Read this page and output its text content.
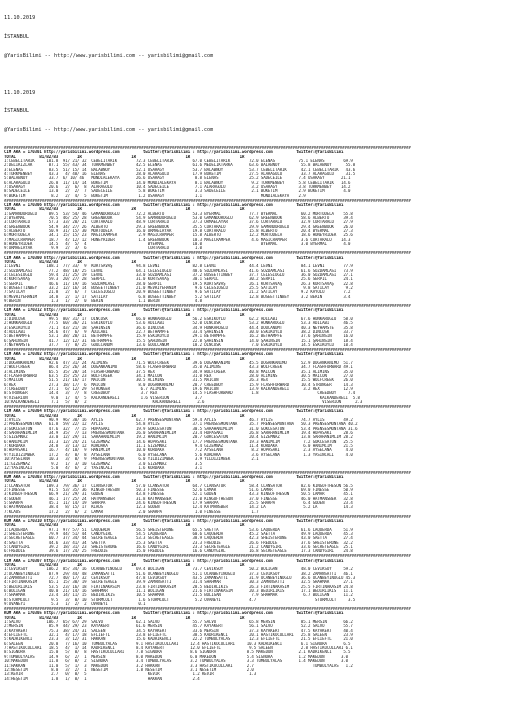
11.10.2019

İSTANBUL

@YarisBilimi -- http://www.yarisbilimi.com -- yarisbilimi@gmail.com

11.10.2019

İSTANBUL

@YarisBilimi -- http://www.yarisbilimi.com -- yarisbilimi@gmail.com

############################################################################################################################################################################
CIM ARA = 170301 http://yarisbilimi.wordpress.com          twitter:@YarisBilimi : http://yarisbilimi.wordpress.com          twitter:@YarisBilimi
TOTAL          B1/B2/B3        1R                     1R                     1R                     1R
1:CEBELITARIK     101.8  91/ 21/ 32  CEBELITARIK        72.3 CEBELITARIK        67.0 CEBELITARIK        72.0 ELENAS          75.1 ELENAS        69.9
2:DELIKIZLAR       87.1  55/ 43/ 34  TURKMENBEY         42.5 ELENAS             61.6 MEDELIKTARKA       63.6 BALABNOY         55.8 BALABNOY      55.8
3:ELENAS           83.5  51/ 15/ 14  BALABNOY           52.1 USARAGY            53.7 BALABNOY           53.7 CEBELITARIK      42.1 CEBELITARIK   43.6
4:TURKMENBEY       43.3   4/ 48/ 16  ELENAS             28.0 ALARAGULU          17.9 BUKETIM            27.5 ALARAGULU        33.7 ALARAGULU     31.5
5:BALABNOY         33.7  6/ 10/ 46   MONDIALEKAYA       26.6 USARAGY             8.8 ELENAS             25.2 SADECEILE       7.4 USARAGY       21.1
6:ALARAGULU        26.8  11/ 14/ 14  BUKETIM            14.0 MONDIALEKAYA        8.1 BALABNOY            9.2 TURKMENBEY      5.8 CEBELITARIK   14.6
7:USARAGY          20.6   2/  6/  8  ALARAGULU          10.4 SADECEILE           7.1 ALARAGULU           3.2 USARAGY         3.8 TURKMENBEY    14.2
8:SADECEILE        13.0   2/  2/  7  SADECEILE           5.8 BUKETIM             3.3 SADECEILE           2.1 BUKETIM         2.9 BUKETIM        4.0
9:BUKETIM           8.2   2/  4/  5  BUKETIM             1.2 USARAGY             1.1                         MONDIALEKAYA    2.9
############################################################################################################################################################################
CIM ARA = 170306 http://yarisbilimi.wordpress.com          twitter:@YarisBilimi : http://yarisbilimi.wordpress.com          twitter:@YarisBilimi
TOTAL          B1/B2/B3        1R                     2R                     1R                     1R
1:GAMANDOROGLU     89.5  53/ 54/ 46  GAMANDOROGLU       72.2 ALBERTO            53.3 BYERMAL            77.7 BYERMAL          60.2 MORTODELA    55.8
2:BYERMAL          70.5  46/ 25/ 28  GREENBOOK          54.9 GAMANDOROGLU       53.0 GAMANDOROGLU       62.9 GREENBOOK        58.6 ALBERTO      39.4
3:CURTARALO        57.3  33/ 20/ 21  CURTARALO          48.9 CURTARALO          37.3 ORMAELAYAR         37.6 CURTARALO        32.9 CURTARALO    27.9
4:GREENBOOK        54.9  34/ 27/ 26  ALBERTO            29.3 GREENBOOK          35.5 CURTARALO          29.9 GAMANDOROGLU     29.4 GREENBOOK    26.0
5:ALBERTO          50.9  31/ 15/ 30  MORTODELA          16.0 ORMAELAYAR         19.8 CURTARALO          15.8 ALBERTO          20.4 BYERMAL      27.3
6:MORTODELA        34.1  15/ 15/ 23  MAGICRAMPER         2.9 MAGICRAMPER        15.8 ALBERTO            12.2 MORTODELA        18.6 HONEYRIDER   25.6
7:MAGICRAMPER      18.7   4/ 12/ 12  HONEYRIDER          1.4 GREENBOOK          10.3 MAGICRAMPER         4.6 MAGICRAMPER      3.6 CURTARALO    14.3
8:HONEYRIDER       14.5   4/  5/  4                          BYERMAL            10.0                         BYERMAL          3.0 BYERMAL       4.0
9:ORMAELAYAR        9.9   2/  3/  6                          CURTARALO           1.0
############################################################################################################################################################################
CIM ARA = 170300 http://yarisbilimi.wordpress.com          twitter:@YarisBilimi : http://yarisbilimi.wordpress.com          twitter:@YarisBilimi
TOTAL          B1/B2/B3        1R                     1R                     1R                     1R
1:LEVNI           108.1  77/ 33/  9  KURTSAVAŞ          94.8 LEVNI              82.8 LEVNI              44.4 LEVNI            84.1 LEVNI        77.9
2:SOZDAMLASI       77.2  48/ 18/ 25  LEVNI              64.1 CELESIOGLU         48.6 SOZDAMLASI         41.6 SOZDAMLASI       61.6 SOZDAMLASI   73.9
3:CELESIOGLU       59.4  21/ 25/ 19  LEVNI              33.0 SOZDAMLASI         37.2 BUSEETTINBEY       37.7 CELESIOGLU       36.0 SOZDAMLASI   27.1
4:KURTSAVAŞ        59.3  20/ 27/ 28  SERPIL             31.0 KURTSAVAŞ          30.1 SERPIL             30.2 SERPIL           25.6 SERPIL       24.1
5:SERPIL           46.6  11/ 19/ 16  SOZDAMLASI         28.0 SERPIL             19.5 KURTSAVAŞ          26.1 KURTSAVAŞ        26.3 KURTSAVAŞ    22.8
6:BUSEETTINBEY     33.2  12/ 16/ 14  BUSEETTINBEY       21.0 MEVRIYEHANIM        9.6 CELESIOGLU         25.5 SATILAY           9.8 SATILAY       9.2
7:SATILAY          21.8   2/  6/  7  CELESIOGLU         20.9 BUSEETTINBEY        9.6 SATILAY            21.2 SATILAY          9.2 KAYOLU        7.2
8:MEVRIYEHANIM     14.8   2/  1/ 17  SATILAY             6.8 BUSEETTINBEY        5.2 SATILAY            12.8 BUSEETTINBEY     3.2 BERIN         3.4
9:BERIN             1.3   1/  2/  0  BERIN               1.1 BERIN               4.8
############################################################################################################################################################################
CIM ARA = 170312 http://yarisbilimi.wordpress.com          twitter:@YarisBilimi : http://yarisbilimi.wordpress.com          twitter:@YarisBilimi
TOTAL          B1/B2/B3        1R                     1R                     1R                     1R
1:DINCOSK          99.5  80/ 31/ 17  DINCOSK            66.0 HUNKAROGLU         56.2 ESKIKOYLU          62.2 ADILABI          67.6 HUNKAROGLU   58.0
2:HUNKAROGLU       77.5  60/ 36/ 21  ESKIKOYLU          53.6 ADILABI            52.0 DINCOSK            53.2 HUNKAROGLU       53.3 ADILABI      46.5
3:ESKIKOYLU        71.1  43/ 21/ 18  ŞAHINSIN           36.6 DINCOSK            34.9 HUNKAROGLU         44.4 DOUCANUMT        40.3 NEYHAMSTE    35.8
4:ADILABI          54.6  47/  6/  9  ADILABI            22.7 BETHAMPFE          33.4 ŞAHINSIN           30.0 ESKIKOYLU        38.2 DINCOSK      33.7
5:BETHAMPFE        53.1  38/ 20/ 11  BETHAMPFE          15.9 ESKIKOYLU          29.1 BETHAMPFE          16.2 BETHAMPFE        37.6 ŞAHINSIN     16.0
6:ŞAHINSIN         41.7  12/ 12/ 31  BETHAMPFE          15.5 ŞAHINSIN           22.8 ŞAHINSIN           14.0 ŞAHINSIN         15.1 ŞAHINSIN     18.4
7:NEYHAMSTE        37.7   7/  8/ 25  GOULCANUM          13.6 GOULCANUM          18.2 DINCOSK             7.0 ESKIKOYLU        14.5 ESKIKOYLU    10.4
############################################################################################################################################################################
CIM ARA = 170302 http://yarisbilimi.wordpress.com          twitter:@YarisBilimi : http://yarisbilimi.wordpress.com          twitter:@YarisBilimi
TOTAL          B1/B2/B3        1R                     1R                     1R                     1R
1:DOGANKANIMU      92.6  47/ 31/ 24  ALIMINS            71.5 WOLFCREEK          39.6 DOGANKANIMU        45.5 DOGANKANIMU      52.9 DOGANKANIMU  51.7
2:WOLFCREEK        86.4  25/ 26/ 34  DOGANKANIMU        58.6 FLASHFORWARD       35.0 ALIMINS            43.3 WOLFCREEK        34.7 FLASHFORWARD 49.1
3:ALIMINS          65.5  35/ 28/ 14  FLASHFORWARD       37.5 REX                34.9 WOLFCREEK          40.8 MAICON           35.1 ALIMINS      35.0
4:FLASHFORWARD     63.5  15/ 25/ 23  WOLFCREEK          34.1 MAICON             31.0 REX                28.0 ALIMINS          30.5 MAICON       27.0
5:MAICON           51.5  21/ 16/ 17  MAICON             30.5 ALIMINS            31.5 MAICON             26.3 REX              15.5 WOLFCREEK    26.0
6:REX              27.3  18/ 17/  6  MAICON              8.0 DOGANKANIMU        28.7 CREEDBOY           15.9 FLASHFORWARD     10.4 STRONGER     14.3
7:CREEDBOY         27.1   6/ 12/ 29  STRONGER             6.7 ALIMINS           19.6 MAICON             13.9 KALKANDERELI      3.2 REX          12.9
8:STRONGER         14.4   3/  7/  8  CREEDBOY             3.7 REX               14.5 FLASHFORWARD        1.8                         CREEDBOY     7.4
9:VISERION          9.0   1/  4/  5  KALKANDERELI         1.6 VISERION           3.7                                                  KALKANDERELI  5.8
10:KALKANDERELI     7.1   5/  0/  2                            KALKANDERELI       2.6                                                  VISERION      2.3
############################################################################################################################################################################
CIM ARA = 170304 http://yarisbilimi.wordpress.com          twitter:@YarisBilimi : http://yarisbilimi.wordpress.com          twitter:@YarisBilimi
TOTAL          B1/B2/B3        1R                     1R                     1R                     1R
1:AYLIS            90.9  96/ 30/ 16  AYLIS              62.7 PRENSESMONTANA     59.4 AYLIS              46.7 AYLIS            74.7 AYLIS        49.2
2:PRENSESMONTANA   61.8  59/ 22/ 12  AYLIS              54.8 AYLIS              37.1 PRENSESMONTANA     35.7 PRENSESMONTANA   50.3 PRENSESMONTANA 40.2
3:GOKCESATUN       47.6  32/  7/ 15  HOPASAKI           19.9 GOKCESATUN         30.5 SARAHANIMLIM       31.0 GOKCESATUN       53.4 PRENSESMONTANA 31.6
4:SARAHANIMLIM     34.9  35/  7/ 13  PRENSESMONTANA     26.0 SARAHANIMLIM       23.4 HOPASAKI           26.8 SARAHANIMLIM     19.4 HOPASAKI     28.6
5:GIZEMNAZ         33.0  12/ 29/ 11  SARAHANIMLIM       19.2 HANIMCIM           20.7 GOKCESATUN         20.4 GIZEMNAZ         13.8 SARAHANIMLIM 28.2
6:HANIMCIM         31.3  12/ 24/ 21  GIZEMNAZ           14.6 HOPASAKI           17.7 PRENSESMONTANA     19.3 HANIMCIM          7.2 GOKCESATUN   25.5
7:KORDAKA          24.8   3/ 13/ 12  KORDAKA            11.1 GIZEMNAZ            9.4 GIZEMNAZ           11.4 KORDAKA           6.0 HANIMCIM     21.5
8:HOPASAKI         16.7   4/ 18/  9  HANIMCIM           10.0 KORDAKA             7.2 AYSELANA            8.2 HOPASAKI          2.3 AYSELANA      4.0
9:YILDIZIMBEK      17.2   4/  0/  8  AYSELANA            6.0 AYSELANA            5.6 KORDAKA             3.6 AYSELANA          1.3 YASINCALI     4.0
10:AYSELANA        10.3   3/  0/  9  PRENSESMONTANA      6.0 YILDIZIMBEK         3.9 YILDIZIMBEK         2.1
11:GIZEMNAZ         9.2   1/  3/ 10  GIZEMNAZ            3.0 GIZEMNAZ            3.5
12:YASINCALI        5.0   4/  6/  2  YASINCALI           1.6 KORDAKA             3.1
############################################################################################################################################################################
KUM ARA = 170303 http://yarisbilimi.wordpress.com          twitter:@YarisBilimi : http://yarisbilimi.wordpress.com          twitter:@YarisBilimi
TOTAL          B1/B2/B3        1R                     1R                     1R                     1R
1:CLANSATOR       109.3  79/ 36/ 17  CLANSATOR          57.0 CLANSATOR          64.7 CLANSATOR          58.4 CLANSATOR        82.6 KINGOFTHESUN 56.5
2:FINESSE          91.5  53/ 35/ 36  KINGOFTHESUN       50.3 FINESSE            52.6 LAMAR              51.6 LAMAR            69.0 FINESSE      50.9
3:KINGOFTHESUN     66.9  21/ 29/ 31  GODEN              43.8 FINESSE            52.1 GODEN              43.3 KINGOFTHESUN     50.5 LAMAR        45.1
4:GODEN            46.1  17/ 25/ 24  HATMANSBER         31.8 KATMANSBER         21.0 KINGOFTHESUN       37.0 FINESSE          46.0 HATMANSBER   32.8
5:SHARPA           45.1  11/ 14/ 19  SHARPA             24.6 KINGOFTHESUN       17.9 SHARPA             25.5 SHARPA            6.4 GODEN        23.4
6:HATMANSBER       38.4   8/ 15/ 17  KLAUS              12.3 GODEN              12.4 KATMANSBER         14.2 LA                5.2 LA           14.3
7:KLAUS            17.2   2/  6/  2  LAMAR               2.0 SHARPA              1.0 FINESSE             1.7
############################################################################################################################################################################
KUM ARA = 170310 http://yarisbilimi.wordpress.com          twitter:@YarisBilimi : http://yarisbilimi.wordpress.com          twitter:@YarisBilimi
TOTAL          B1/B2/B3        1R                     1R                     1R                     1R
1:LAQUERDA         97.1  97/ 57/ 51  LAQUERDA           56.5 SHEISTERONE        65.5 SAETTA             53.6 LAQUERDA         61.6 LAQUERDA     51.9
2:SHEISTERONE      79.9  44/ 51/ 44  CANDYGIRL          54.5 LAQUERDA           60.6 LAQUERDA           45.2 SAETTA           49.9 LAQUERDA     45.3
3:SECRETEAGLE      60.7  37/ 34/ 44  SECRETEAGLE        53.3 SECRETEAGLE        38.9 LAQUERDA           42.3 SHEISTERONE      43.0 SAETTA       27.4
4:SAETTA           44.6  33/ 41/ 34  SAETTA             25.3 SAETTA             23.3 FREDDIE            26.6 FREDDIE          37.6 SHEISTERONE  32.2
5:CANDYGIRL        39.2  18/ 31/ 23  SHEISTERONE        16.6 CANDYGIRL          23.3 SECRETEAGLE        21.2 CANDYGIRL        33.6 SECRETEAGLE  25.1
6:FREDDIE          39.6  17/ 24/ 25  FREDDIE            15.0 FREDDIE            16.6 CANDYGIRL          16.8 SECRETEAGLE      17.3 CANDYGIRL    24.8
############################################################################################################################################################################
CIM ARA = 170307 http://yarisbilimi.wordpress.com          twitter:@YarisBilimi : http://yarisbilimi.wordpress.com          twitter:@YarisBilimi
TOTAL          B1/B2/B3        1R                     1R                     1R                     1R
1:CEVIKSOY        106.2  85/ 34/ 16  UCANBEYINOGLU      69.4 BOLIGAN            73.7 CEVIKSOY           50.2 BOLIGAN          48.0 CEVIKSOY     59.2
2:UCANBEYINOGLU    87.9  29/ 44/ 48  ZAMANSATTI         51.6 UCANBEYINOGLU      51.1 UCANBEYINOGLU      37.3 CEVIKSOY         38.2 ZAMANSATTI   46.1
3:ZAMANSATTI       72.7  40/ 17/ 32  CEVIKSOY           47.8 CEVIKSOY           43.5 ZAMANSATTI         31.9 UCANBEYINOGLU    36.6 UCANBEYINOGLU 45.3
4:FIRTINAKASIM     65.1  15/ 30/ 19  SECRETEAGLE        39.9 ZAMANSATTI         31.4 SHAHMAR            30.3 ZAMANSATTI       32.5 SHAHMAR      27.1
5:BEDIRLIKIS       53.5  23/ 16/ 18  FIRTINAKASIM       23.8 FIRTINAKASIM       28.5 BEDIRLIKIS         26.3 FIRTINAKASIM     25.5 FIRTINAKASIM 24.8
6:BOLIGAN          40.0  21/ 14/ 16  SHAHMAR            11.1 BOLIGAN            21.6 FIRTINAKASIM       20.3 BEDIRLIKIS       17.1 BEDIRLIKIS   11.1
7:SHAHMAR          23.4  14/ 11/ 15  BEDIRLIKIS         10.5 SHAHMAR            21.5 BOLIGAN             7.9 SHAHMAR           6.7 BOLIGAN      11.2
8:STORMCOLT         9.5   3/  0/ 10  STORMCOLT           1.6 STORMCOLT           5.2 OVANEYI            4.7                         STORMCOLT     3.5
9:OVANEYI           5.3   1/  2/  2  OVANEYI             0.1
############################################################################################################################################################################
KUM ARA = 170305 http://yarisbilimi.wordpress.com          twitter:@YarisBilimi : http://yarisbilimi.wordpress.com          twitter:@YarisBilimi
TOTAL          B1/B2/B3        1R                     1R                     1R                     1R
1:SALVO           106.7  65/ 67/ 29  SALVO              62.1 SALVO              55.7 SALVO              65.8 MERSIN           85.1 MERSIN       66.2
2:MERSIN           85.9  44/ 29/ 23  KAYAKERT           61.6 MERSIN             45.7 KAYAKERT           56.1 SALVO            52.2 SALVO        55.7
3:KAYAKERT         75.3  38/ 24/ 31  SALEEN             34.5 KAYAKERT           33.6 MERSIN             37.3 KAYAKERT         47.5 KAYAKERT     40.4
4:EFLIEFTL         32.1   4/ 17/ 18  EFLIEFTL           23.8 EFLIEFTL           38.5 KADRIKENCI         20.1 HASTIKOCULLARI   25.8 SALEEN       23.9
5:KADRIKENCI       23.3   3/ 12/ 31  HAKKAN             15.6 KADRIKENCI         22.2 TUMBULYALAS        12.3 EFLIEFTL         21.5 EFLIEFTL     21.0
6:SALEEN           20.8   7/ 16/ 10  TUMBULYALAS        9.1 HASTIKOCULLARI     12.4 HASTIKOCULLARI     10.3 KADRIKENCI        6.1 SIGNORA       6.5
7:HASTIKOCULLARI   18.5   4/  1/ 14  KADRIKENCI         8.4 KAYAKERT           12.0 EFLIEFTL            9.5 SALEEN            2.8 HASTIKOCULLARI 6.1
8:SIGNORA          15.0   5/  0/  8  HASTIKOCULLARI     7.8 SIGNORA            8.6 SIGNORA             8.5 MAKEDON           2.1 KADRIKENCI     5.5
9:TUMBULYALAS      14.9   6/  2/  1  MERSIN             8.0 MAKEDON            6.0 MAKEDON             5.4 SIGNORA           1.2 MAKEDON       3.0
10:MAKEDON         11.8   6/  0/  2  SIGNORA            3.4 TUMBULYALAS        3.2 TUMBULYALAS         3.3 TUMBULYALAS       1.4 MAKEDON       3.0
11:HAKKAN          11.0   5/  1/  3  MAKEDON            3.2 HAKKAN             3.3 HASTIKOCULLARI      2.7                         TUMBULYALAS   1.2
12:NESETIM          8.0   3/  2/  1  NESETIM            1.8 NESETIM            3.1 NESETIM             2.0
13:KEVIR            2.7   0/  0/  5                          KEVIR              1.2 KEVIR               1.3
14:HEŞETİM          1.8   1/  0/  1                          HAKKAN             2.4
